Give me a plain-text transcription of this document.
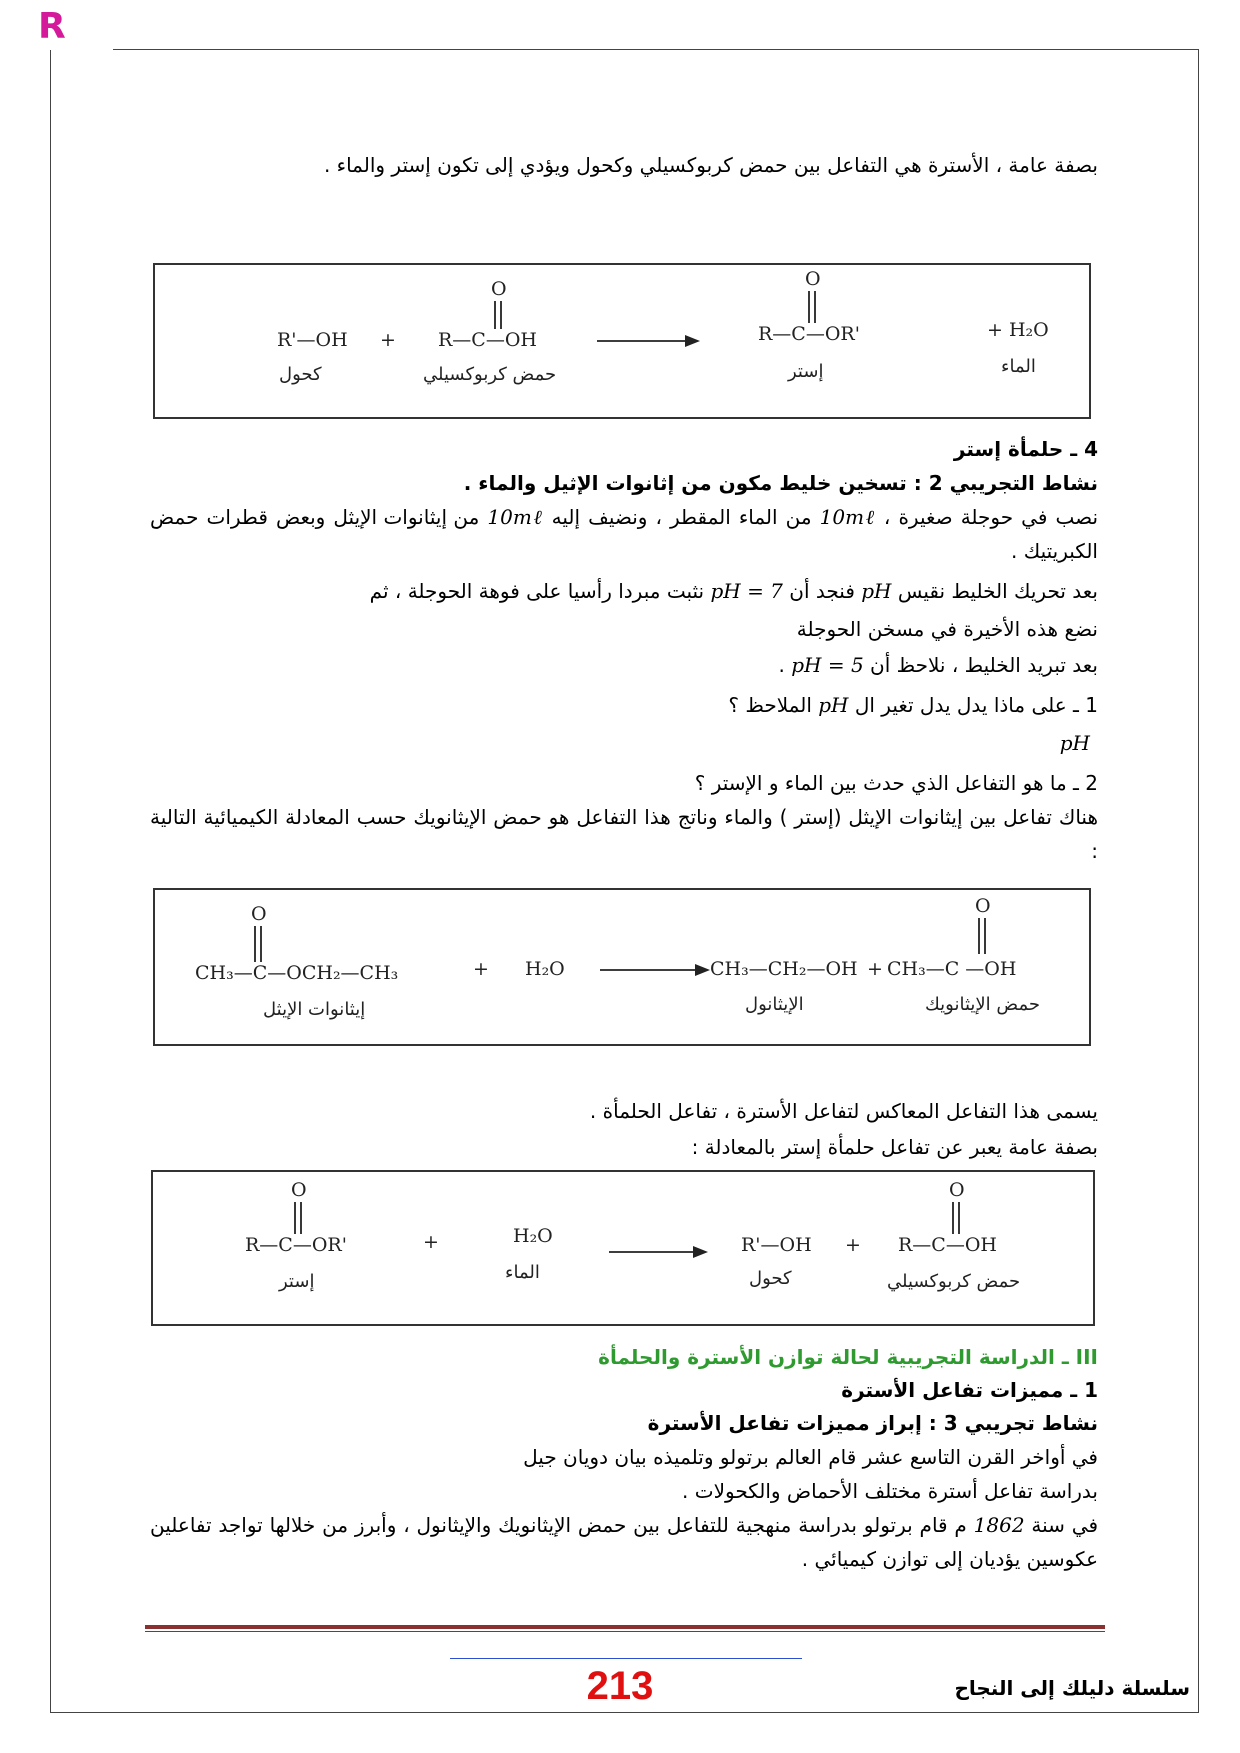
R

بصفة عامة ، الأسترة هي التفاعل بين حمض كربوكسيلي وكحول ويؤدي إلى تكون إستر والماء .

R'—OH
كحول
+
O
R—C—OH
حمض كربوكسيلي
O
R—C—OR'
إستر
+ H₂O
الماء

4 ـ حلمأة إستر

نشاط التجريبي 2 : تسخين خليط مكون من إثانوات الإثيل والماء .

نصب في حوجلة صغيرة ، 10mℓ من الماء المقطر ، ونضيف إليه 10mℓ من إيثانوات الإيثل وبعض قطرات حمض الكبريتيك .

بعد تحريك الخليط نقيس pH فنجد أن pH = 7 نثبت مبردا رأسيا على فوهة الحوجلة ، ثم

نضع هذه الأخيرة في مسخن الحوجلة

بعد تبريد الخليط ، نلاحظ أن pH = 5 .

1 ـ على ماذا يدل يدل تغير ال pH الملاحظ ؟

pH

2 ـ ما هو التفاعل الذي حدث بين الماء و الإستر ؟

هناك تفاعل بين إيثانوات الإيثل (إستر ) والماء وناتج هذا التفاعل هو حمض الإيثانويك حسب المعادلة الكيميائية التالية :

O
CH₃—C—OCH₂—CH₃
إيثانوات الإيثل
+ H₂O	CH₃—CH₂—OH
الإيثانول
+
O
CH₃—C —OH
حمض الإيثانويك

يسمى هذا التفاعل المعاكس لتفاعل الأسترة ، تفاعل الحلمأة .

بصفة عامة يعبر عن تفاعل حلمأة إستر بالمعادلة :

O
R—C—OR'
إستر
+	H₂O
الماء
R'—OH
كحول
+
O
R—C—OH
حمض كربوكسيلي

III ـ الدراسة التجريبية لحالة توازن الأسترة والحلمأة

1 ـ مميزات تفاعل الأسترة

نشاط تجريبي 3 : إبراز مميزات تفاعل الأسترة

في أواخر القرن التاسع عشر قام العالم برتولو وتلميذه بيان دويان جيل

بدراسة تفاعل أسترة مختلف الأحماض والكحولات .

في سنة 1862 م قام برتولو بدراسة منهجية للتفاعل بين حمض الإيثانويك والإيثانول ، وأبرز من خلالها تواجد تفاعلين عكوسين يؤديان إلى توازن كيميائي .

213	سلسلة دليلك إلى النجاح
